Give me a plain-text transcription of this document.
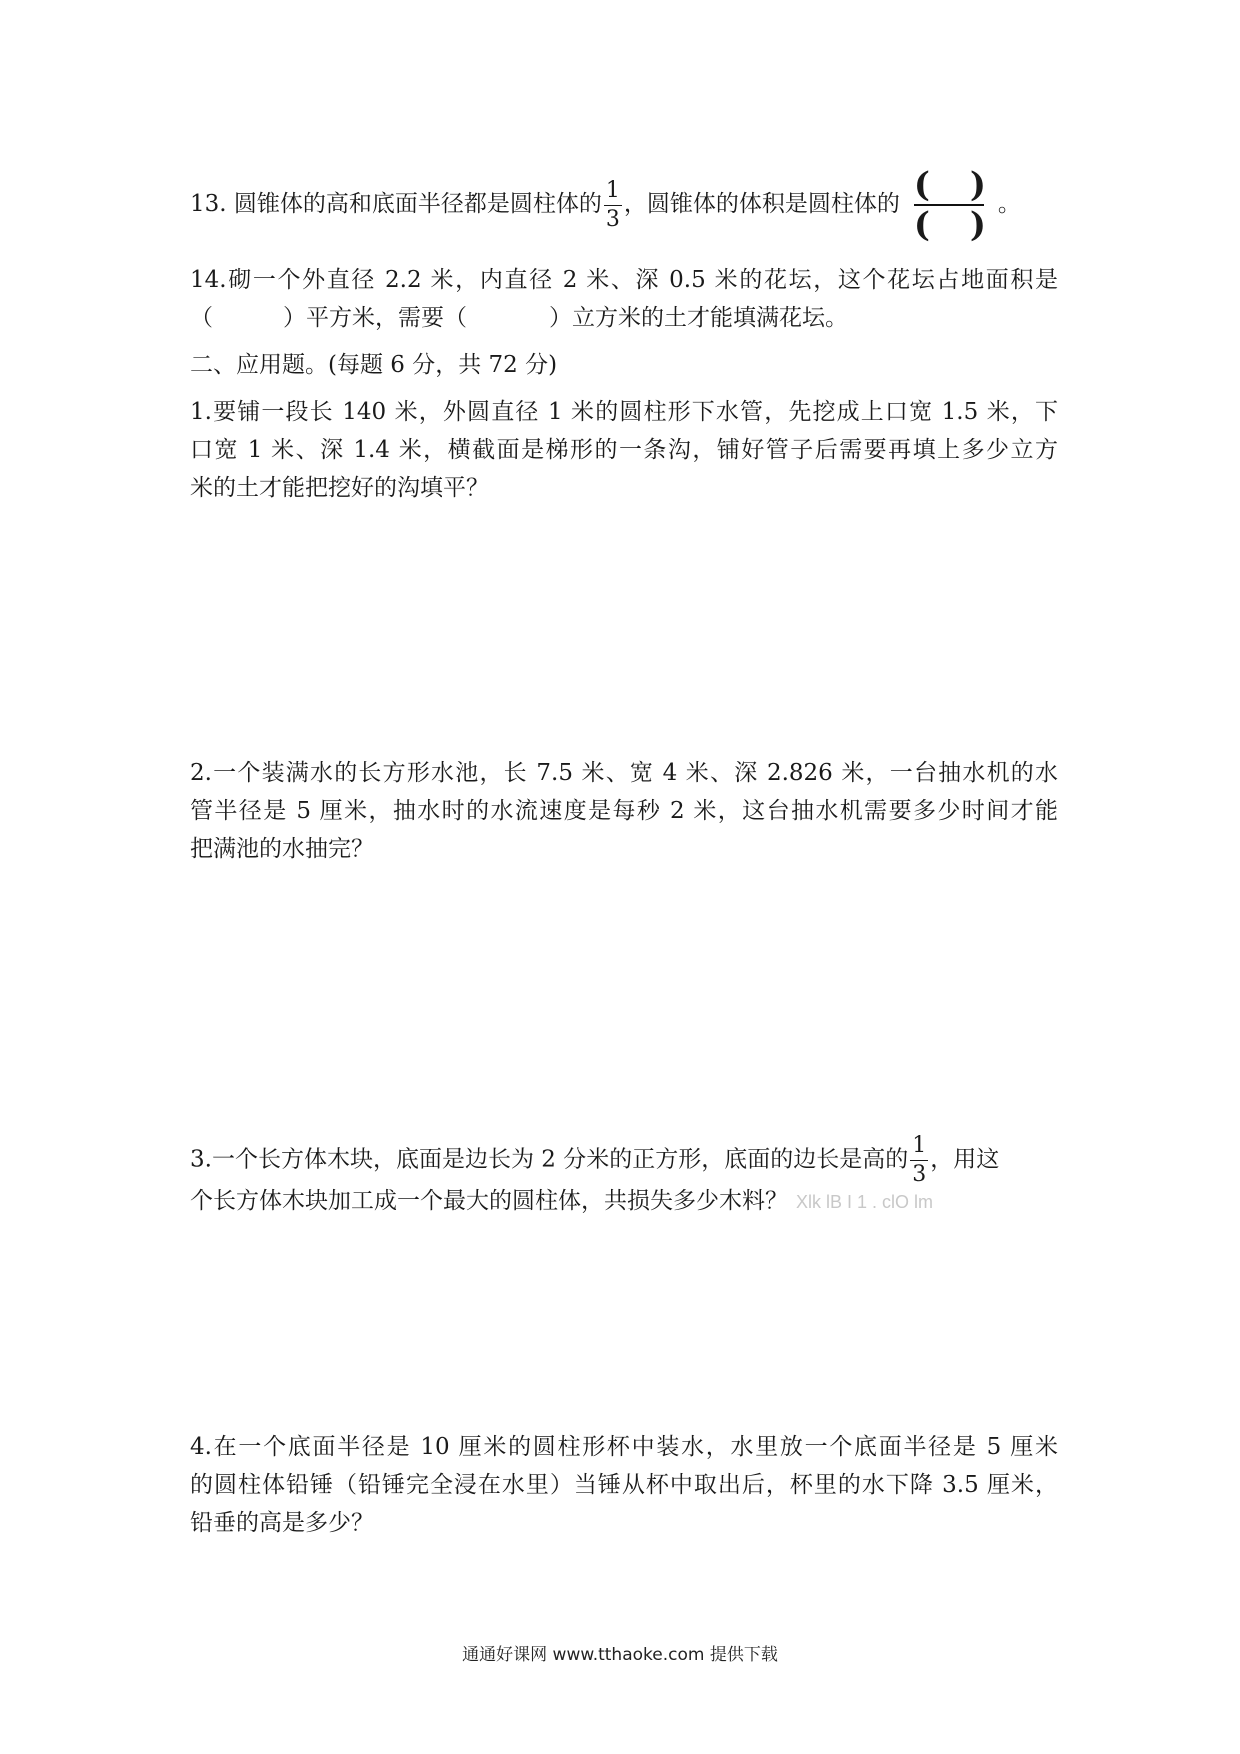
13. 圆锥体的高和底面半径都是圆柱体的 $\frac{1}{3}$ ，圆锥体的体积是圆柱体的 $\frac{( )}{( )}$ 。
14.砌一个外直径 2.2 米，内直径 2 米、深 0.5 米的花坛，这个花坛占地面积是
（	）平方米，需要（	）立方米的土才能填满花坛。
二、应用题。(每题 6 分，共 72 分)
1.要铺一段长 140 米，外圆直径 1 米的圆柱形下水管，先挖成上口宽 1.5 米，下
口宽 1 米、深 1.4 米，横截面是梯形的一条沟，铺好管子后需要再填上多少立方
米的土才能把挖好的沟填平？
2.一个装满水的长方形水池，长 7.5 米、宽 4 米、深 2.826 米，一台抽水机的水
管半径是 5 厘米，抽水时的水流速度是每秒 2 米，这台抽水机需要多少时间才能
把满池的水抽完？
3.一个长方体木块，底面是边长为 2 分米的正方形，底面的边长是高的 $\frac{1}{3}$ ，用这
个长方体木块加工成一个最大的圆柱体，共损失多少木料？ Xlk lB I 1 . clO lm
4.在一个底面半径是 10 厘米的圆柱形杯中装水，水里放一个底面半径是 5 厘米
的圆柱体铅锤（铅锤完全浸在水里）当锤从杯中取出后，杯里的水下降 3.5 厘米，
铅垂的高是多少？
通通好课网 www.tthaoke.com 提供下载
